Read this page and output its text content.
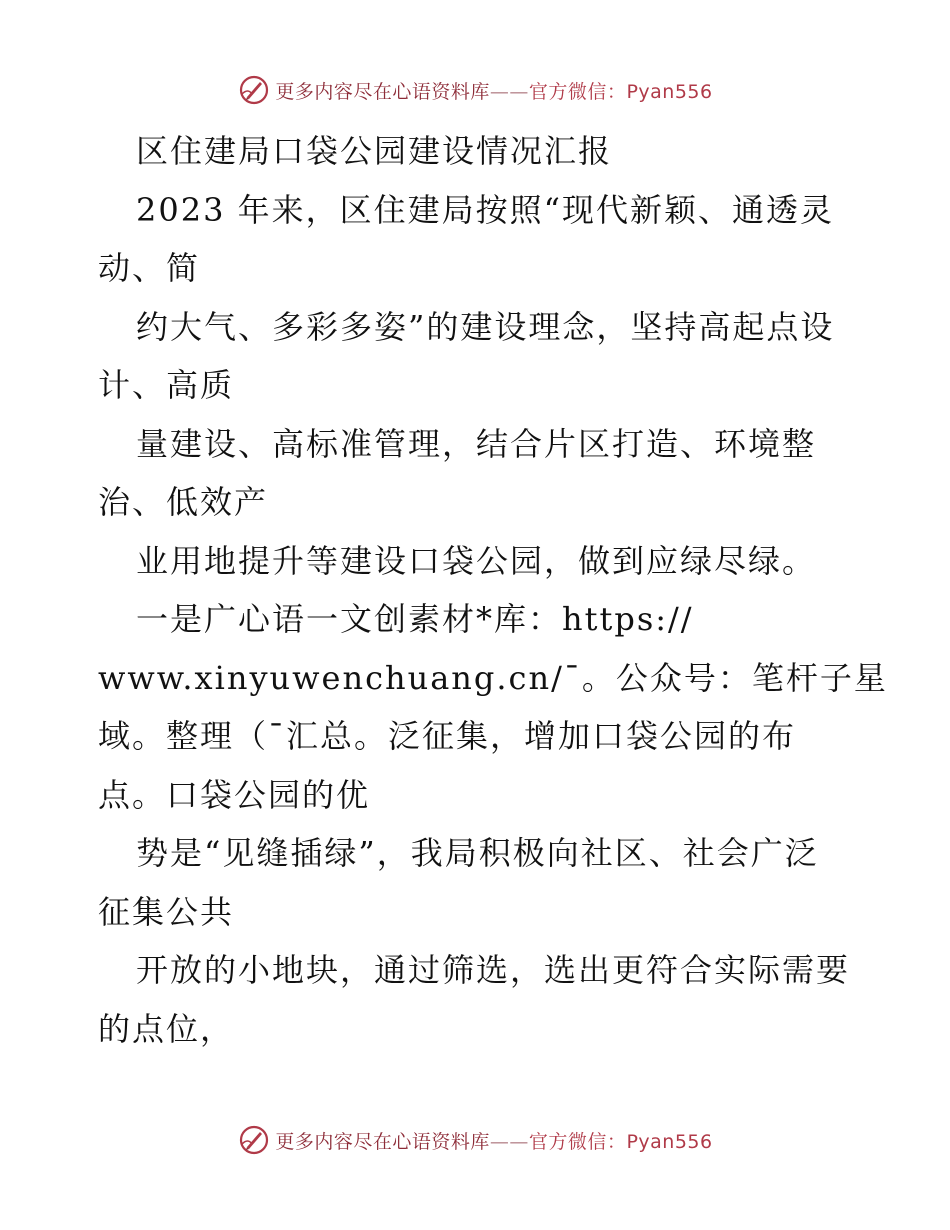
更多内容尽在心语资料库——官方微信：Pyan556
区住建局口袋公园建设情况汇报
2023 年来，区住建局按照“现代新颖、通透灵
动、简
约大气、多彩多姿”的建设理念，坚持高起点设
计、高质
量建设、高标准管理，结合片区打造、环境整
治、低效产
业用地提升等建设口袋公园，做到应绿尽绿。
一是广心语一文创素材*库：https://
www.xinyuwenchuang.cn/¯。公众号：笔杆子星
域。整理（¯汇总。泛征集，增加口袋公园的布
点。口袋公园的优
势是“见缝插绿”，我局积极向社区、社会广泛
征集公共
开放的小地块，通过筛选，选出更符合实际需要
的点位，
更多内容尽在心语资料库——官方微信：Pyan556
